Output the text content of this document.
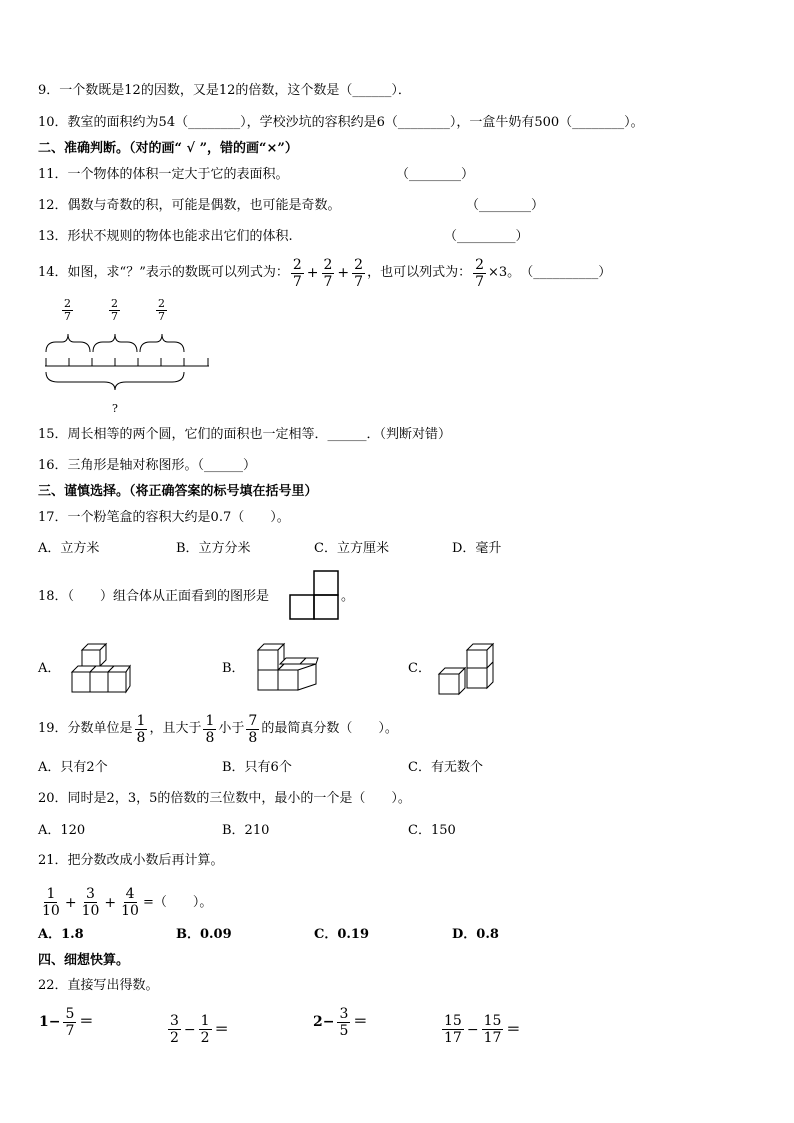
9．一个数既是12的因数，又是12的倍数，这个数是（______）．
10．教室的面积约为54（________），学校沙坑的容积约是6（________），一盒牛奶有500（________）。
二、准确判断。（对的画“ √ ”，错的画“×”）
11．一个物体的体积一定大于它的表面积。	（________）
12．偶数与奇数的积，可能是偶数，也可能是奇数。	（________）
13．形状不规则的物体也能求出它们的体积.	（_________）
14．如图，求“？”表示的数既可以列式为： $\frac{2}{7} + \frac{2}{7} + \frac{2}{7}$ ，也可以列式为： $\frac{2}{7} \times 3$。 （__________）
$\frac{2}{7}$	$\frac{2}{7}$	$\frac{2}{7}$
?
15．周长相等的两个圆，它们的面积也一定相等．______．（判断对错）
16．三角形是轴对称图形。（______）
三、谨慎选择。（将正确答案的标号填在括号里）
17．一个粉笔盒的容积大约是0.7（　　）。
A．立方米	B．立方分米	C．立方厘米	D．毫升
18．（　　）组合体从正面看到的图形是	。
A．	B．	C．
19．分数单位是 $\frac{1}{8}$ ，且大于 $\frac{1}{8}$ 小于 $\frac{7}{8}$ 的最简真分数（　　）。
A．只有2个	B．只有6个	C．有无数个
20．同时是2，3，5的倍数的三位数中，最小的一个是（　　）。
A．120	B．210	C．150
21．把分数改成小数后再计算。
$\frac{1}{10} + \frac{3}{10} + \frac{4}{10}$ =（　　）。
A．1.8	B．0.09	C．0.19	D．0.8
四、细想快算。
22．直接写出得数。
$1- \frac{5}{7}$ ＝	$\frac{3}{2} - \frac{1}{2}$ ＝	$2- \frac{3}{5}$ ＝	$\frac{15}{17} - \frac{15}{17}$ ＝
